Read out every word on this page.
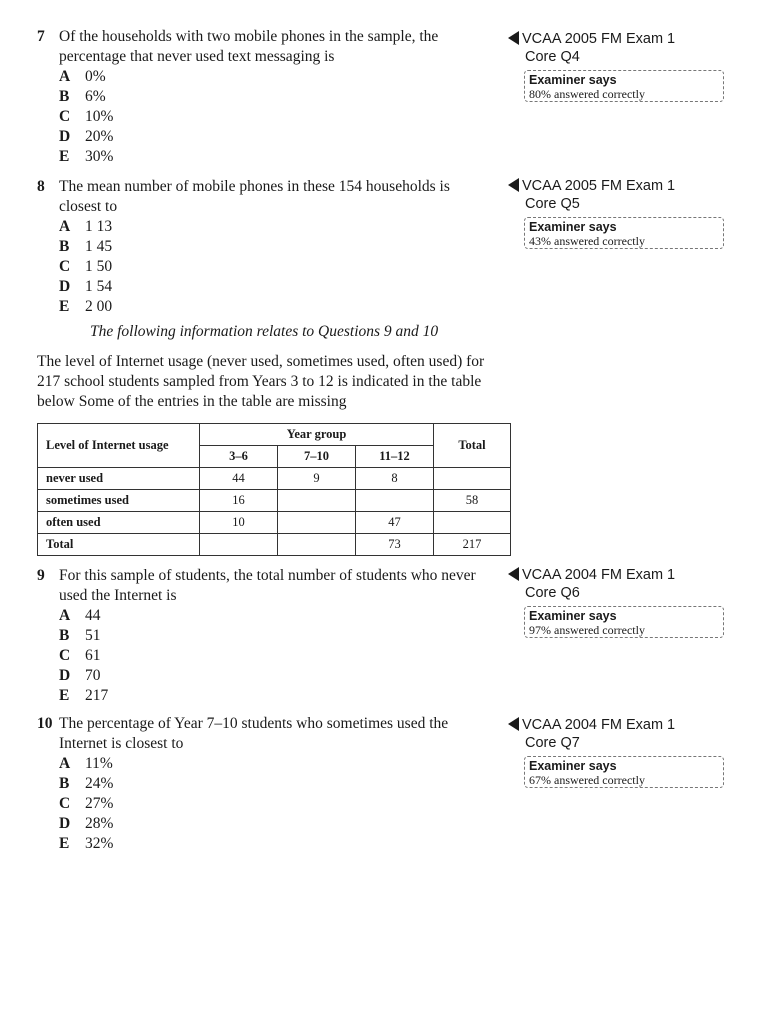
7 Of the households with two mobile phones in the sample, the percentage that never used text messaging is
A 0%
B 6%
C 10%
D 20%
E 30%
VCAA 2005 FM Exam 1
Core Q4
Examiner says
80% answered correctly
8 The mean number of mobile phones in these 154 households is closest to
A 1 13
B 1 45
C 1 50
D 1 54
E 2 00
VCAA 2005 FM Exam 1
Core Q5
Examiner says
43% answered correctly
The following information relates to Questions 9 and 10
The level of Internet usage (never used, sometimes used, often used) for 217 school students sampled from Years 3 to 12 is indicated in the table below Some of the entries in the table are missing
Level of Internet usage	Year group			Total
	3–6	7–10	11–12	
never used	44	9	8	
sometimes used	16			58
often used	10		47	
Total			73	217
9 For this sample of students, the total number of students who never used the Internet is
A 44
B 51
C 61
D 70
E 217
VCAA 2004 FM Exam 1
Core Q6
Examiner says
97% answered correctly
10 The percentage of Year 7–10 students who sometimes used the Internet is closest to
A 11%
B 24%
C 27%
D 28%
E 32%
VCAA 2004 FM Exam 1
Core Q7
Examiner says
67% answered correctly
